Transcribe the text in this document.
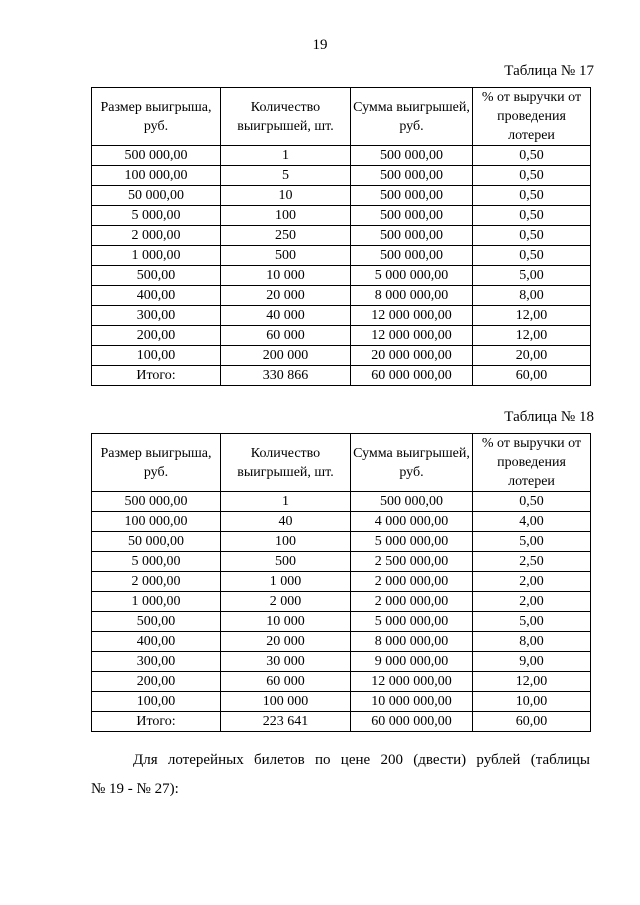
19
Таблица № 17
Размер выигрыша, руб.	Количество выигрышей, шт.	Сумма выигрышей, руб.	% от выручки от проведения лотереи
500 000,00	1	500 000,00	0,50
100 000,00	5	500 000,00	0,50
50 000,00	10	500 000,00	0,50
5 000,00	100	500 000,00	0,50
2 000,00	250	500 000,00	0,50
1 000,00	500	500 000,00	0,50
500,00	10 000	5 000 000,00	5,00
400,00	20 000	8 000 000,00	8,00
300,00	40 000	12 000 000,00	12,00
200,00	60 000	12 000 000,00	12,00
100,00	200 000	20 000 000,00	20,00
Итого:	330 866	60 000 000,00	60,00
Таблица № 18
Размер выигрыша, руб.	Количество выигрышей, шт.	Сумма выигрышей, руб.	% от выручки от проведения лотереи
500 000,00	1	500 000,00	0,50
100 000,00	40	4 000 000,00	4,00
50 000,00	100	5 000 000,00	5,00
5 000,00	500	2 500 000,00	2,50
2 000,00	1 000	2 000 000,00	2,00
1 000,00	2 000	2 000 000,00	2,00
500,00	10 000	5 000 000,00	5,00
400,00	20 000	8 000 000,00	8,00
300,00	30 000	9 000 000,00	9,00
200,00	60 000	12 000 000,00	12,00
100,00	100 000	10 000 000,00	10,00
Итого:	223 641	60 000 000,00	60,00

Для лотерейных билетов по цене 200 (двести) рублей (таблицы

№ 19 - № 27):
